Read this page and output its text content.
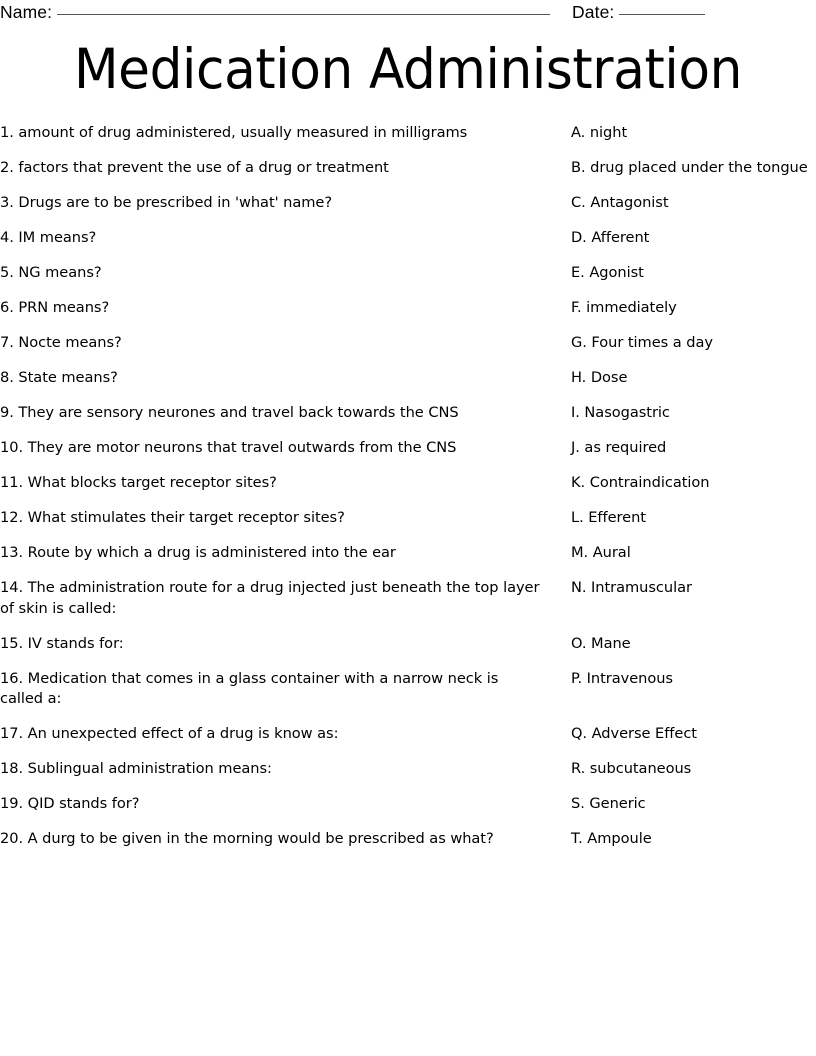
Name:	Date:
Medication Administration
1. amount of drug administered, usually measured in milligrams	A. night
2. factors that prevent the use of a drug or treatment	B. drug placed under the tongue
3. Drugs are to be prescribed in 'what' name?	C. Antagonist
4. IM means?	D. Afferent
5. NG means?	E. Agonist
6. PRN means?	F. immediately
7. Nocte means?	G. Four times a day
8. State means?	H. Dose
9. They are sensory neurones and travel back towards the CNS	I. Nasogastric
10. They are motor neurons that travel outwards from the CNS	J. as required
11. What blocks target receptor sites?	K. Contraindication
12. What stimulates their target receptor sites?	L. Efferent
13. Route by which a drug is administered into the ear	M. Aural
14. The administration route for a drug injected just beneath the top layer of skin is called:
N. Intramuscular
15. IV stands for:	O. Mane
16. Medication that comes in a glass container with a narrow neck is called a:
P. Intravenous
17. An unexpected effect of a drug is know as:	Q. Adverse Effect
18. Sublingual administration means:	R. subcutaneous
19. QID stands for?	S. Generic
20. A durg to be given in the morning would be prescribed as what?	T. Ampoule
